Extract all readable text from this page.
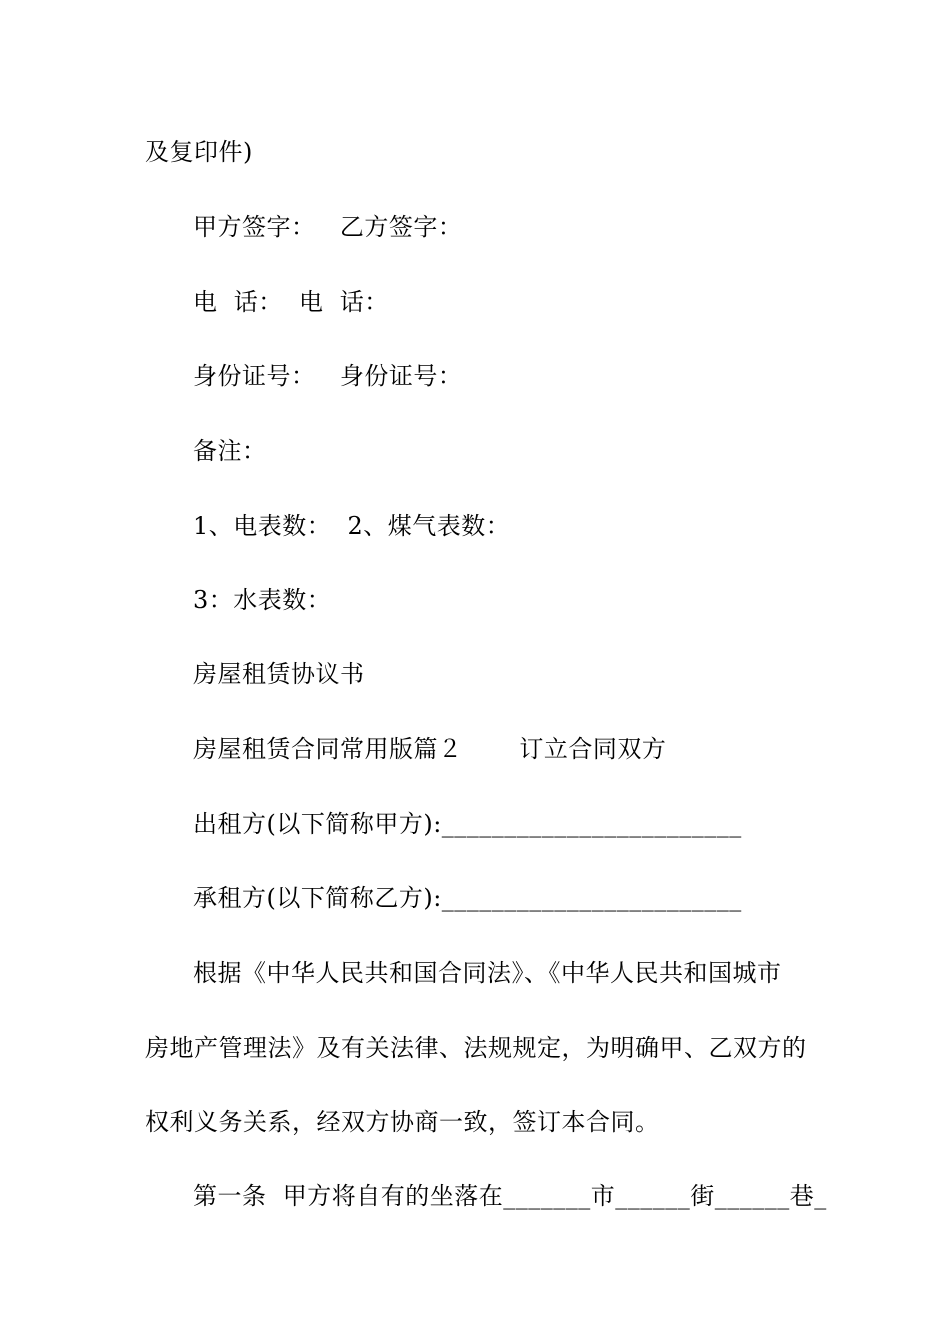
及复印件)
甲方签字：   乙方签字：
电  话：  电  话：
身份证号：   身份证号：
备注：
1、电表数：  2、煤气表数：
3：水表数：
房屋租赁协议书
房屋租赁合同常用版篇２       订立合同双方
出租方(以下简称甲方):________________________
承租方(以下简称乙方):________________________
根据《中华人民共和国合同法》、《中华人民共和国城市
房地产管理法》及有关法律、法规规定，为明确甲、乙双方的
权利义务关系，经双方协商一致，签订本合同。
第一条  甲方将自有的坐落在_______市______街______巷_
